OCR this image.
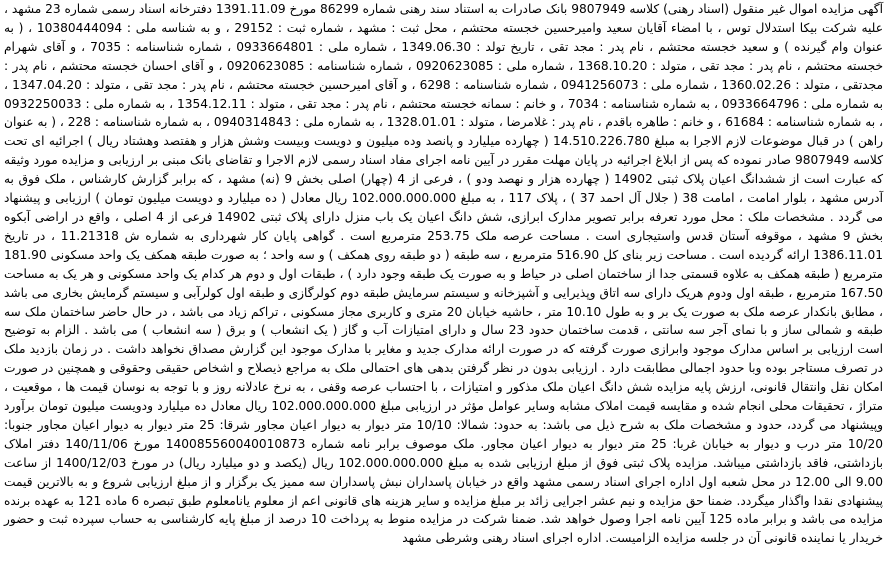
آگهی مزایده اموال غیر منقول (اسناد رهنی) کلاسه 9807949 بانک صادرات به استناد سند رهنی شماره 86299 مورخ 1391.11.09 دفترخانه اسناد رسمی شماره 23 مشهد ، علیه شرکت بیکا استدلال توس ، با امضاء آقایان سعید وامیرحسین خجسته محتشم ، محل ثبت : مشهد ، شماره ثبت : 29152 ، و به شناسه ملی : 10380444094 ، ( به عنوان وام گیرنده ) و سعید خجسته محتشم ، نام پدر : مجد تقی ، تاریخ تولد : 1349.06.30 ، شماره ملی : 0933664801 ، شماره شناسنامه : 7035 ، و آقای شهرام خجسته محتشم ، نام پدر : مجد تقی ، متولد : 1368.10.20 ، شماره ملی : 0920623085 ، شماره شناسنامه : 0920623085 ، و آقای احسان خجسته محتشم ، نام پدر : مجدتقی ، متولد : 1360.02.26 ، شماره ملی : 0941256073 ، شماره شناسنامه : 6298 ، و آقای امیرحسین خجسته محتشم ، نام پدر : مجد تقی ، متولد : 1347.04.20 ، به شماره ملی : 0933664796 ، به شماره شناسنامه : 7034 ، و خانم : سمانه خجسته محتشم ، نام پدر : مجد تقی ، متولد : 1354.12.11 ، به شماره ملی : 0932250033 ، به شماره شناسنامه : 61684 ، و خانم : طاهره باقدم ، نام پدر : غلامرضا ، متولد : 1328.01.01 ، به شماره ملی : 0940314843 ، به شماره شناسنامه : 228 ، ( به عنوان راهن ) در قبال موضوعات لازم الاجرا به مبلغ 14.510.226.780 ( چهارده میلیارد و پانصد وده میلیون و دویست وبیست وشش هزار و هفتصد وهشتاد ریال ) اجرائیه ای تحت کلاسه 9807949 صادر نموده که پس از ابلاغ اجرائیه در پایان مهلت مقرر در آیین نامه اجرای مفاد اسناد رسمی لازم الاجرا و تقاضای بانک مبنی بر ارزیابی و مزایده مورد وثیقه که عبارت است از ششدانگ اعیان پلاک ثبتی 14902 ( چهارده هزار و نهصد ودو ) ، فرعی از 4 (چهار) اصلی بخش 9 (نه) مشهد ، که برابر گزارش کارشناس ، ملک فوق به آدرس مشهد ، بلوار امامت ، امامت 38 ( جلال آل احمد 37 ) ، پلاک 117 ، به مبلغ 102.000.000.000 ریال معادل ( ده میلیارد و دویست میلیون تومان ) ارزیابی و پیشنهاد می گردد . مشخصات ملک : محل مورد تعرفه برابر تصویر مدارک ابرازی، شش دانگ اعیان یک باب منزل دارای پلاک ثبتی 14902 فرعی از 4 اصلی ، واقع در اراضی آبکوه بخش 9 مشهد ، موقوفه آستان قدس واستیجاری است . مساحت عرصه ملک 253.75 مترمربع است . گواهی پایان کار شهرداری به شماره ش 11.21318 ، در تاریخ 1386.11.01 ارائه گردیده است . مساحت زیر بنای کل 516.90 مترمربع ، سه طبقه ( دو طبقه روی همکف ) و سه واحد ؛ به صورت طبقه همکف یک واحد مسکونی 181.90 مترمربع ( طبقه همکف به علاوه قسمتی جدا از ساختمان اصلی در حیاط و به صورت یک طبقه وجود دارد ) ، طبقات اول و دوم هر کدام یک واحد مسکونی و هر یک به مساحت 167.50 مترمربع ، طبقه اول ودوم هریک دارای سه اتاق وپذیرایی و آشپزخانه و سیستم سرمایش طبقه دوم کولرگازی و طبقه اول کولرآبی و سیستم گرمایش بخاری می باشد ، مطابق بانکدار عرصه ملک به صورت یک بر و به طول 10.10 متر ، حاشیه خیابان 20 متری و کاربری مجاز مسکونی ، تراکم زیاد می باشد ، در حال حاضر ساختمان ملک سه طبقه و شمالی ساز و با نمای آجر سه سانتی ، قدمت ساختمان حدود 23 سال و دارای امتیازات آب و گاز ( یک انشعاب ) و برق ( سه انشعاب ) می باشد . الزام به توضیح است ارزیابی بر اساس مدارک موجود وابرازی صورت گرفته که در صورت ارائه مدارک جدید و مغایر با مدارک موجود این گزارش مصداق نخواهد داشت . در زمان بازدید ملک در تصرف مستاجر بوده وبا حدود اجمالی مطابقت دارد . ارزیابی بدون در نظر گرفتن بدهی های احتمالی ملک به مراجع ذیصلاح و اشخاص حقیقی وحقوقی و همچنین در صورت امکان نقل وانتقال قانونی، ارزش پایه مزایده شش دانگ اعیان ملک مذکور و امتیازات ، با احتساب عرصه وقفی ، به نرخ عادلانه روز و با توجه به نوسان قیمت ها ، موقعیت ، متراژ ، تحقیقات محلی انجام شده و مقایسه قیمت املاک مشابه وسایر عوامل مؤثر در ارزیابی مبلغ 102.000.000.000 ریال معادل ده میلیارد ودویست میلیون تومان برآورد وپیشنهاد می گردد، حدود و مشخصات ملک به شرح ذیل می باشد: به حدود: شمالا: 10/10 متر دیوار به دیوار اعیان مجاور شرقا: 25 متر دیوار به دیوار اعیان مجاور جنوبا: 10/20 متر درب و دیوار به خیابان غربا: 25 متر دیوار به دیوار اعیان مجاور. ملک موصوف برابر نامه شماره 140085560040010873 مورخ 140/11/06 دفتر املاک بازداشتی، فاقد بازداشتی میباشد. مزایده پلاک ثبتی فوق از مبلغ ارزیابی شده به مبلغ 102.000.000.000 ریال (یکصد و دو میلیارد ریال) در مورخ 1400/12/03 از ساعت 9.00 الی 12.00 در محل شعبه اول اداره اجرای اسناد رسمی مشهد واقع در خیابان پاسداران نبش پاسداران سه ممیز یک برگزار و از مبلغ ارزیابی شروع و به بالاترین قیمت پیشنهادی نقدا واگذار میگردد. ضمنا حق مزایده و نیم عشر اجرایی زائد بر مبلغ مزایده و سایر هزینه های قانونی اعم از معلوم یانامعلوم طبق تبصره 6 ماده 121 به عهده برنده مزایده می باشد و برابر ماده 125 آیین نامه اجرا وصول خواهد شد. ضمنا شرکت در مزایده منوط به پرداخت 10 درصد از مبلغ پایه کارشناسی به حساب سپرده ثبت و حضور خریدار یا نماینده قانونی آن در جلسه مزایده الزامیست. اداره اجرای اسناد رهنی وشرطی مشهد
